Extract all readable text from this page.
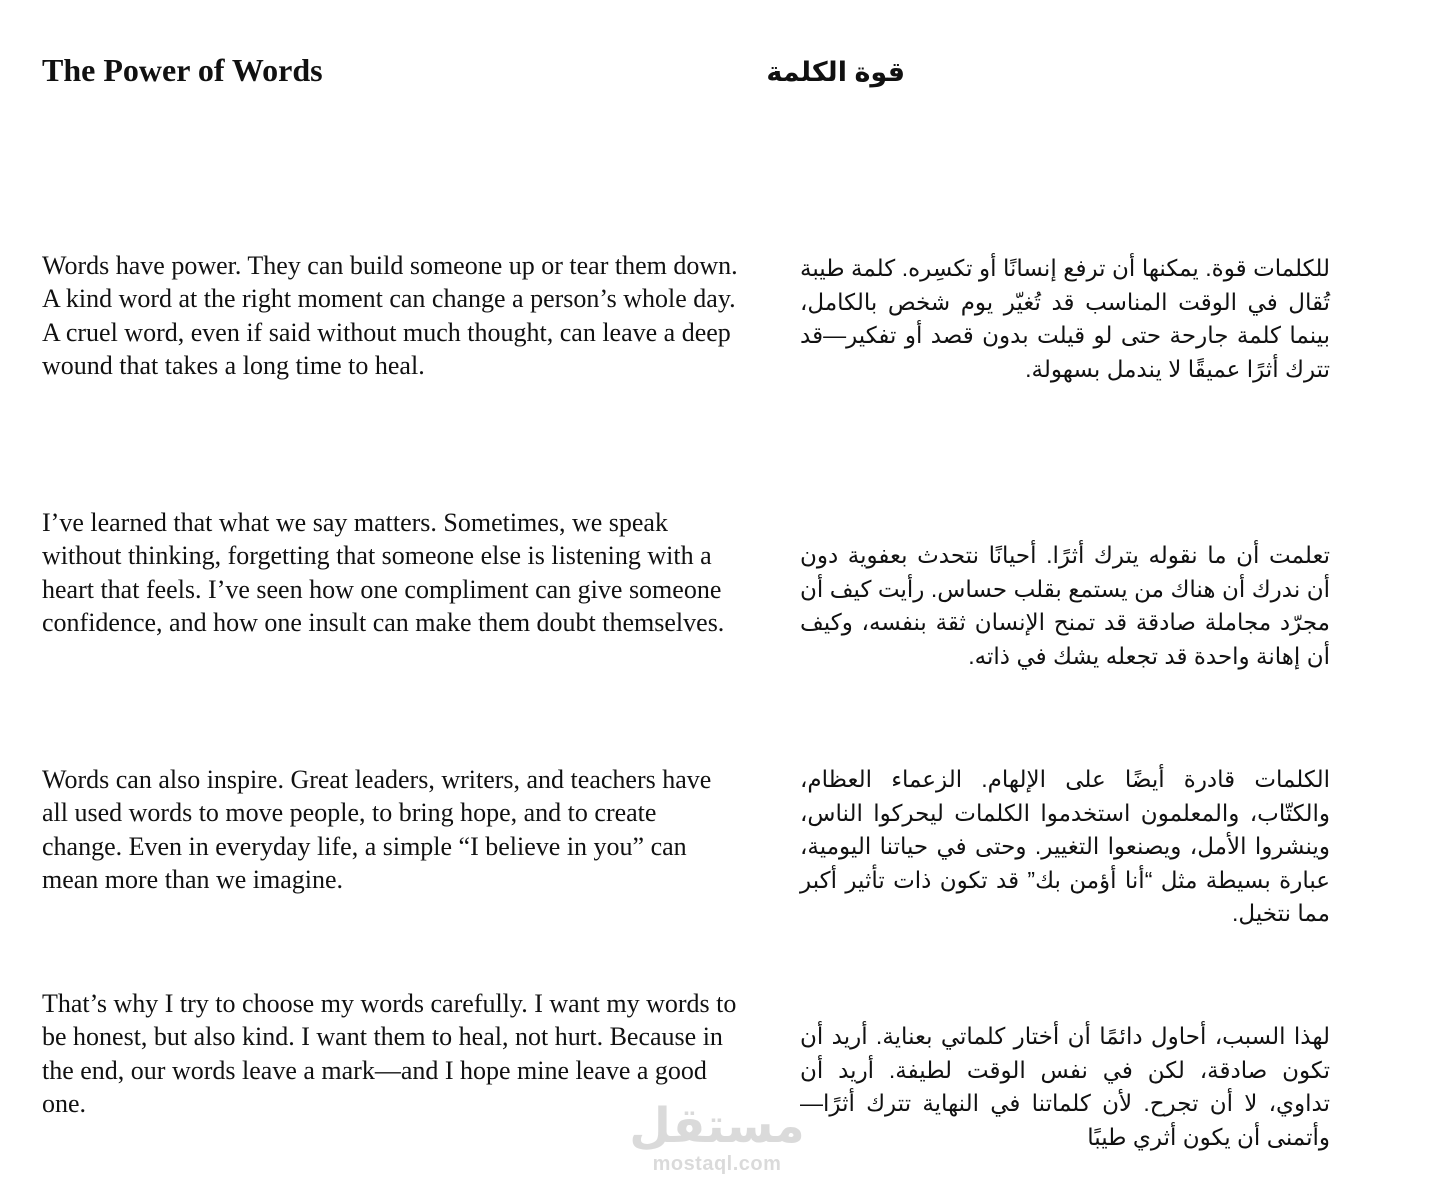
The Power of Words	قوة الكلمة

Words have power. They can build someone up or tear them down. A kind word at the right moment can change a person’s whole day. A cruel word, even if said without much thought, can leave a deep wound that takes a long time to heal.

للكلمات قوة. يمكنها أن ترفع إنسانًا أو تكسِره. كلمة طيبة تُقال في الوقت المناسب قد تُغيّر يوم شخص بالكامل، بينما كلمة جارحة حتى لو قيلت بدون قصد أو تفكير—قد تترك أثرًا عميقًا لا يندمل بسهولة.

I’ve learned that what we say matters. Sometimes, we speak without thinking, forgetting that someone else is listening with a heart that feels. I’ve seen how one compliment can give someone confidence, and how one insult can make them doubt themselves.

تعلمت أن ما نقوله يترك أثرًا. أحيانًا نتحدث بعفوية دون أن ندرك أن هناك من يستمع بقلب حساس. رأيت كيف أن مجرّد مجاملة صادقة قد تمنح الإنسان ثقة بنفسه، وكيف أن إهانة واحدة قد تجعله يشك في ذاته.

Words can also inspire. Great leaders, writers, and teachers have all used words to move people, to bring hope, and to create change. Even in everyday life, a simple “I believe in you” can mean more than we imagine.

الكلمات قادرة أيضًا على الإلهام. الزعماء العظام، والكتّاب، والمعلمون استخدموا الكلمات ليحركوا الناس، وينشروا الأمل، ويصنعوا التغيير. وحتى في حياتنا اليومية، عبارة بسيطة مثل “أنا أؤمن بك” قد تكون ذات تأثير أكبر مما نتخيل.

That’s why I try to choose my words carefully. I want my words to be honest, but also kind. I want them to heal, not hurt. Because in the end, our words leave a mark—and I hope mine leave a good one.

لهذا السبب، أحاول دائمًا أن أختار كلماتي بعناية. أريد أن تكون صادقة، لكن في نفس الوقت لطيفة. أريد أن تداوي، لا أن تجرح. لأن كلماتنا في النهاية تترك أثرًا—وأتمنى أن يكون أثري طيبًا

مستقل
mostaql.com
